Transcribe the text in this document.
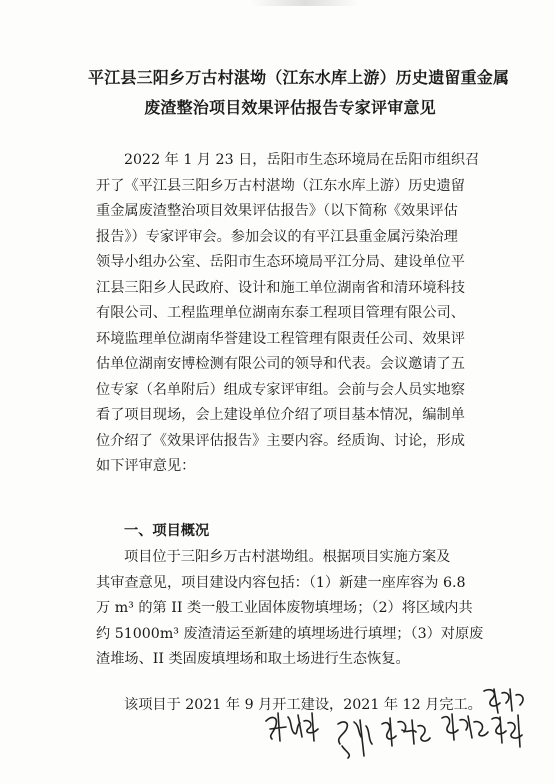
平江县三阳乡万古村湛坳（江东水库上游）历史遗留重金属
废渣整治项目效果评估报告专家评审意见
2022 年 1 月 23 日，岳阳市生态环境局在岳阳市组织召
开了《平江县三阳乡万古村湛坳（江东水库上游）历史遗留
重金属废渣整治项目效果评估报告》（以下简称《效果评估
报告》）专家评审会。参加会议的有平江县重金属污染治理
领导小组办公室、岳阳市生态环境局平江分局、建设单位平
江县三阳乡人民政府、设计和施工单位湖南省和清环境科技
有限公司、工程监理单位湖南东泰工程项目管理有限公司、
环境监理单位湖南华誉建设工程管理有限责任公司、效果评
估单位湖南安博检测有限公司的领导和代表。会议邀请了五
位专家（名单附后）组成专家评审组。会前与会人员实地察
看了项目现场，会上建设单位介绍了项目基本情况，编制单
位介绍了《效果评估报告》主要内容。经质询、讨论，形成
如下评审意见：
一、项目概况
项目位于三阳乡万古村湛坳组。根据项目实施方案及
其审查意见，项目建设内容包括：（1）新建一座库容为 6.8
万 m³ 的第 II 类一般工业固体废物填埋场；（2）将区域内共
约 51000m³ 废渣清运至新建的填埋场进行填埋；（3）对原废
渣堆场、II 类固废填埋场和取土场进行生态恢复。
该项目于 2021 年 9 月开工建设，2021 年 12 月完工。
